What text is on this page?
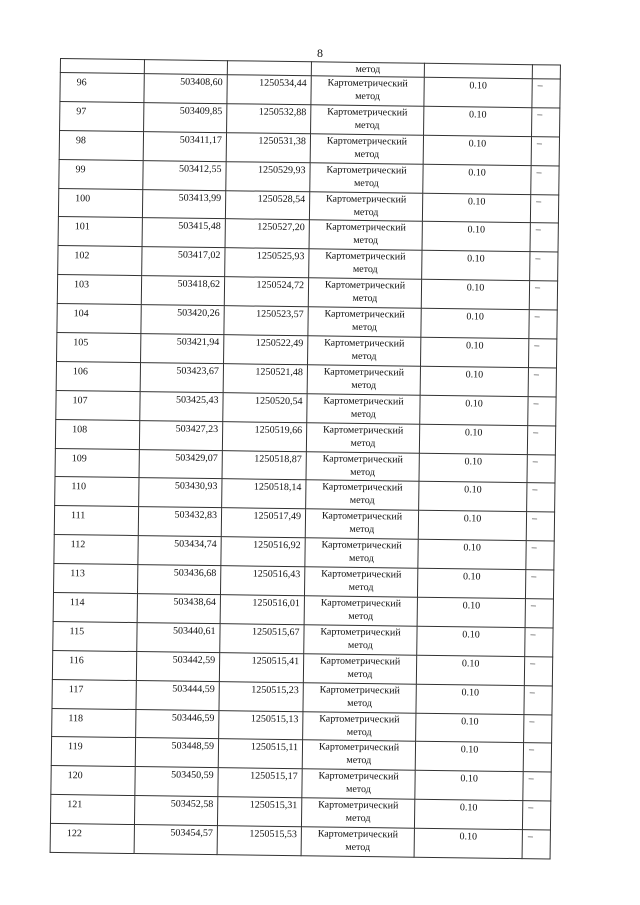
8

			метод		

96	503408,60	1250534,44	Картометрический
метод	0.10	–

97	503409,85	1250532,88	Картометрический
метод	0.10	–

98	503411,17	1250531,38	Картометрический
метод	0.10	–

99	503412,55	1250529,93	Картометрический
метод	0.10	–

100	503413,99	1250528,54	Картометрический
метод	0.10	–

101	503415,48	1250527,20	Картометрический
метод	0.10	–

102	503417,02	1250525,93	Картометрический
метод	0.10	–

103	503418,62	1250524,72	Картометрический
метод	0.10	–

104	503420,26	1250523,57	Картометрический
метод	0.10	–

105	503421,94	1250522,49	Картометрический
метод	0.10	–

106	503423,67	1250521,48	Картометрический
метод	0.10	–

107	503425,43	1250520,54	Картометрический
метод	0.10	–

108	503427,23	1250519,66	Картометрический
метод	0.10	–

109	503429,07	1250518,87	Картометрический
метод	0.10	–

110	503430,93	1250518,14	Картометрический
метод	0.10	–

111	503432,83	1250517,49	Картометрический
метод	0.10	–

112	503434,74	1250516,92	Картометрический
метод	0.10	–

113	503436,68	1250516,43	Картометрический
метод	0.10	–

114	503438,64	1250516,01	Картометрический
метод	0.10	–

115	503440,61	1250515,67	Картометрический
метод	0.10	–

116	503442,59	1250515,41	Картометрический
метод	0.10	–

117	503444,59	1250515,23	Картометрический
метод	0.10	–

118	503446,59	1250515,13	Картометрический
метод	0.10	–

119	503448,59	1250515,11	Картометрический
метод	0.10	–

120	503450,59	1250515,17	Картометрический
метод	0.10	–

121	503452,58	1250515,31	Картометрический
метод	0.10	–

122	503454,57	1250515,53	Картометрический
метод	0.10	–
